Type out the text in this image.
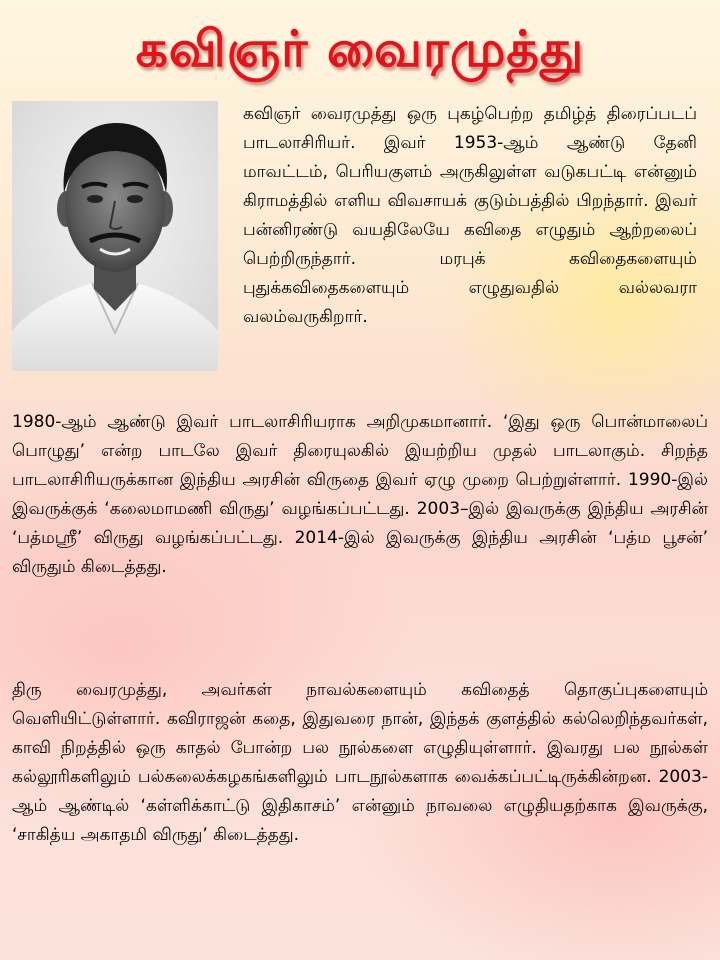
கவிஞர் வைரமுத்து

கவிஞர் வைரமுத்து ஒரு புகழ்பெற்ற தமிழ்த் திரைப்படப் பாடலாசிரியர். இவர் 1953-ஆம் ஆண்டு தேனி மாவட்டம், பெரியகுளம் அருகிலுள்ள வடுகபட்டி என்னும் கிராமத்தில் எளிய விவசாயக் குடும்பத்தில் பிறந்தார். இவர் பன்னிரண்டு வயதிலேயே கவிதை எழுதும் ஆற்றலைப் பெற்றிருந்தார். மரபுக் கவிதைகளையும் புதுக்கவிதைகளையும் எழுதுவதில் வல்லவரா வலம்வருகிறார்.

1980-ஆம் ஆண்டு இவர் பாடலாசிரியராக அறிமுகமானார். ‘இது ஒரு பொன்மாலைப் பொழுது’ என்ற பாடலே இவர் திரையுலகில் இயற்றிய முதல் பாடலாகும். சிறந்த பாடலாசிரியருக்கான இந்திய அரசின் விருதை இவர் ஏழு முறை பெற்றுள்ளார். 1990-இல் இவருக்குக் ‘கலைமாமணி விருது’ வழங்கப்பட்டது. 2003–இல் இவருக்கு இந்திய அரசின் ‘பத்மஸ்ரீ’ விருது வழங்கப்பட்டது. 2014-இல் இவருக்கு இந்திய அரசின் ‘பத்ம பூசன்’ விருதும் கிடைத்தது.

திரு வைரமுத்து, அவர்கள் நாவல்களையும் கவிதைத் தொகுப்புகளையும் வெளியிட்டுள்ளார். கவிராஜன் கதை, இதுவரை நான், இந்தக் குளத்தில் கல்லெறிந்தவர்கள், காவி நிறத்தில் ஒரு காதல் போன்ற பல நூல்களை எழுதியுள்ளார். இவரது பல நூல்கள் கல்லூரிகளிலும் பல்கலைக்கழகங்களிலும் பாடநூல்களாக வைக்கப்பட்டிருக்கின்றன. 2003-ஆம் ஆண்டில் ‘கள்ளிக்காட்டு இதிகாசம்’ என்னும் நாவலை எழுதியதற்காக இவருக்கு, ‘சாகித்ய அகாதமி விருது’ கிடைத்தது.
